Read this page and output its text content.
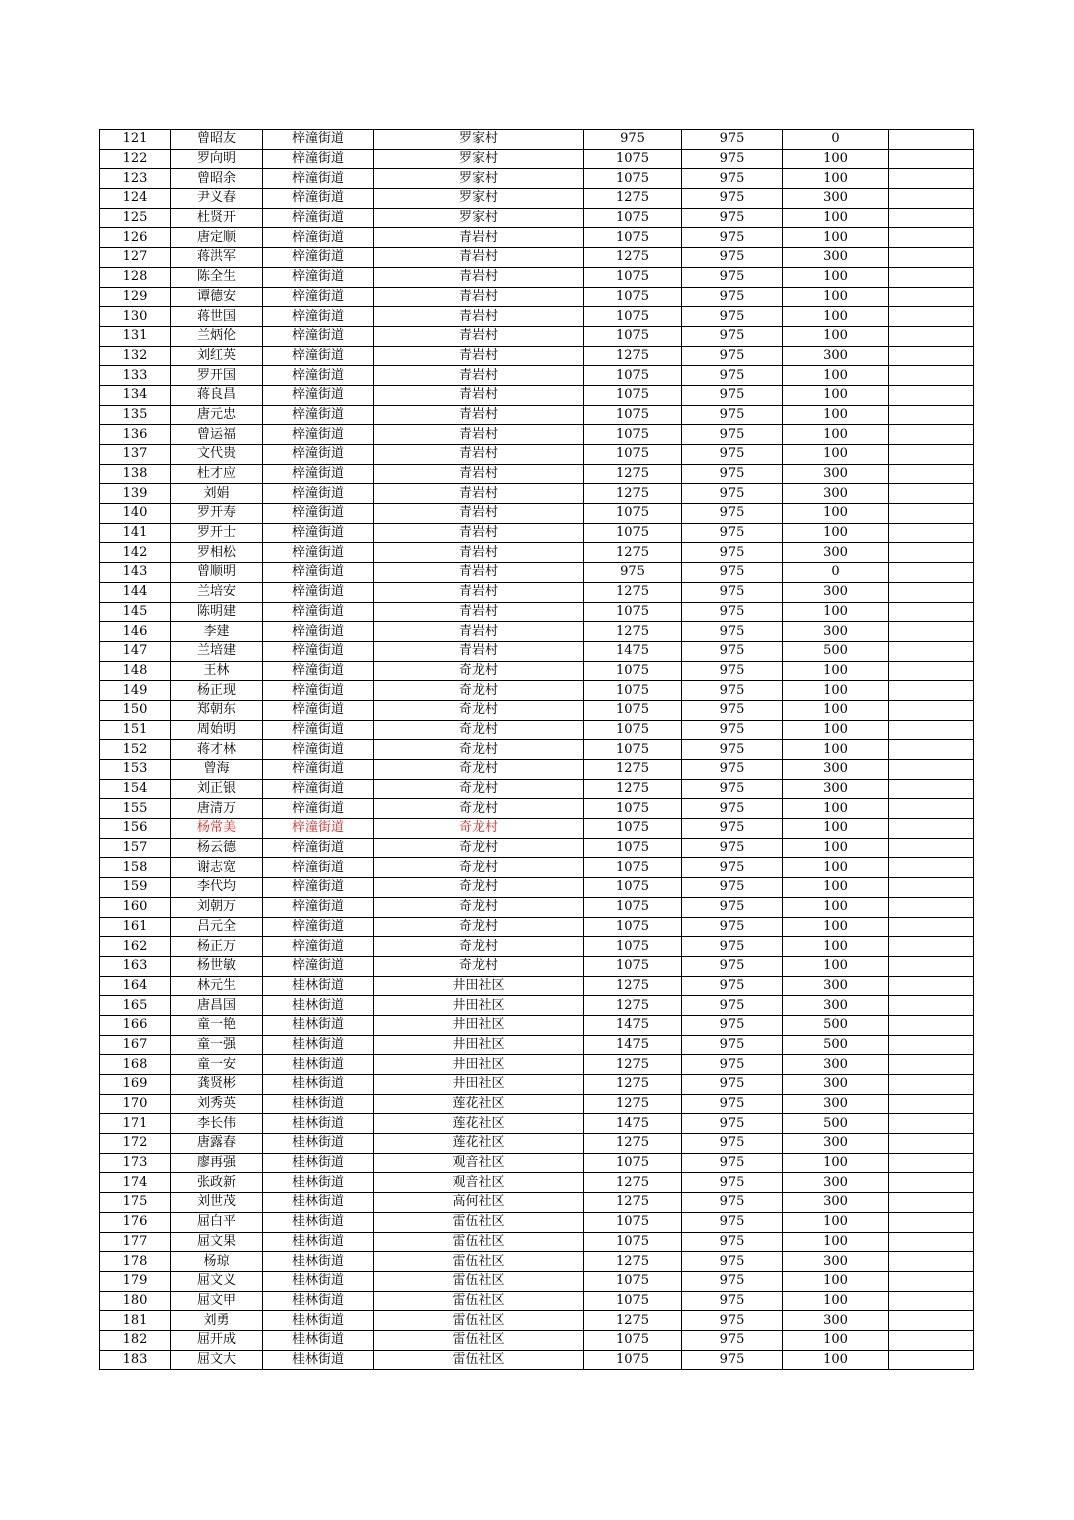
121	曾昭友	梓潼街道	罗家村	975	975	0	
122	罗向明	梓潼街道	罗家村	1075	975	100	
123	曾昭余	梓潼街道	罗家村	1075	975	100	
124	尹义春	梓潼街道	罗家村	1275	975	300	
125	杜贤开	梓潼街道	罗家村	1075	975	100	
126	唐定顺	梓潼街道	青岩村	1075	975	100	
127	蒋洪军	梓潼街道	青岩村	1275	975	300	
128	陈全生	梓潼街道	青岩村	1075	975	100	
129	谭德安	梓潼街道	青岩村	1075	975	100	
130	蒋世国	梓潼街道	青岩村	1075	975	100	
131	兰炳伦	梓潼街道	青岩村	1075	975	100	
132	刘红英	梓潼街道	青岩村	1275	975	300	
133	罗开国	梓潼街道	青岩村	1075	975	100	
134	蒋良昌	梓潼街道	青岩村	1075	975	100	
135	唐元忠	梓潼街道	青岩村	1075	975	100	
136	曾运福	梓潼街道	青岩村	1075	975	100	
137	文代贵	梓潼街道	青岩村	1075	975	100	
138	杜才应	梓潼街道	青岩村	1275	975	300	
139	刘娟	梓潼街道	青岩村	1275	975	300	
140	罗开寿	梓潼街道	青岩村	1075	975	100	
141	罗开士	梓潼街道	青岩村	1075	975	100	
142	罗相松	梓潼街道	青岩村	1275	975	300	
143	曾顺明	梓潼街道	青岩村	975	975	0	
144	兰培安	梓潼街道	青岩村	1275	975	300	
145	陈明建	梓潼街道	青岩村	1075	975	100	
146	李建	梓潼街道	青岩村	1275	975	300	
147	兰培建	梓潼街道	青岩村	1475	975	500	
148	王林	梓潼街道	奇龙村	1075	975	100	
149	杨正现	梓潼街道	奇龙村	1075	975	100	
150	郑朝东	梓潼街道	奇龙村	1075	975	100	
151	周始明	梓潼街道	奇龙村	1075	975	100	
152	蒋才林	梓潼街道	奇龙村	1075	975	100	
153	曾海	梓潼街道	奇龙村	1275	975	300	
154	刘正银	梓潼街道	奇龙村	1275	975	300	
155	唐清万	梓潼街道	奇龙村	1075	975	100	
156	杨常美	梓潼街道	奇龙村	1075	975	100	
157	杨云德	梓潼街道	奇龙村	1075	975	100	
158	谢志宽	梓潼街道	奇龙村	1075	975	100	
159	李代均	梓潼街道	奇龙村	1075	975	100	
160	刘朝万	梓潼街道	奇龙村	1075	975	100	
161	吕元全	梓潼街道	奇龙村	1075	975	100	
162	杨正万	梓潼街道	奇龙村	1075	975	100	
163	杨世敏	梓潼街道	奇龙村	1075	975	100	
164	林元生	桂林街道	井田社区	1275	975	300	
165	唐昌国	桂林街道	井田社区	1275	975	300	
166	童一艳	桂林街道	井田社区	1475	975	500	
167	童一强	桂林街道	井田社区	1475	975	500	
168	童一安	桂林街道	井田社区	1275	975	300	
169	龚贤彬	桂林街道	井田社区	1275	975	300	
170	刘秀英	桂林街道	莲花社区	1275	975	300	
171	李长伟	桂林街道	莲花社区	1475	975	500	
172	唐露春	桂林街道	莲花社区	1275	975	300	
173	廖再强	桂林街道	观音社区	1075	975	100	
174	张政新	桂林街道	观音社区	1275	975	300	
175	刘世茂	桂林街道	高何社区	1275	975	300	
176	屈白平	桂林街道	雷伍社区	1075	975	100	
177	屈文果	桂林街道	雷伍社区	1075	975	100	
178	杨琼	桂林街道	雷伍社区	1275	975	300	
179	屈文义	桂林街道	雷伍社区	1075	975	100	
180	屈文甲	桂林街道	雷伍社区	1075	975	100	
181	刘勇	桂林街道	雷伍社区	1275	975	300	
182	屈开成	桂林街道	雷伍社区	1075	975	100	
183	屈文大	桂林街道	雷伍社区	1075	975	100	
